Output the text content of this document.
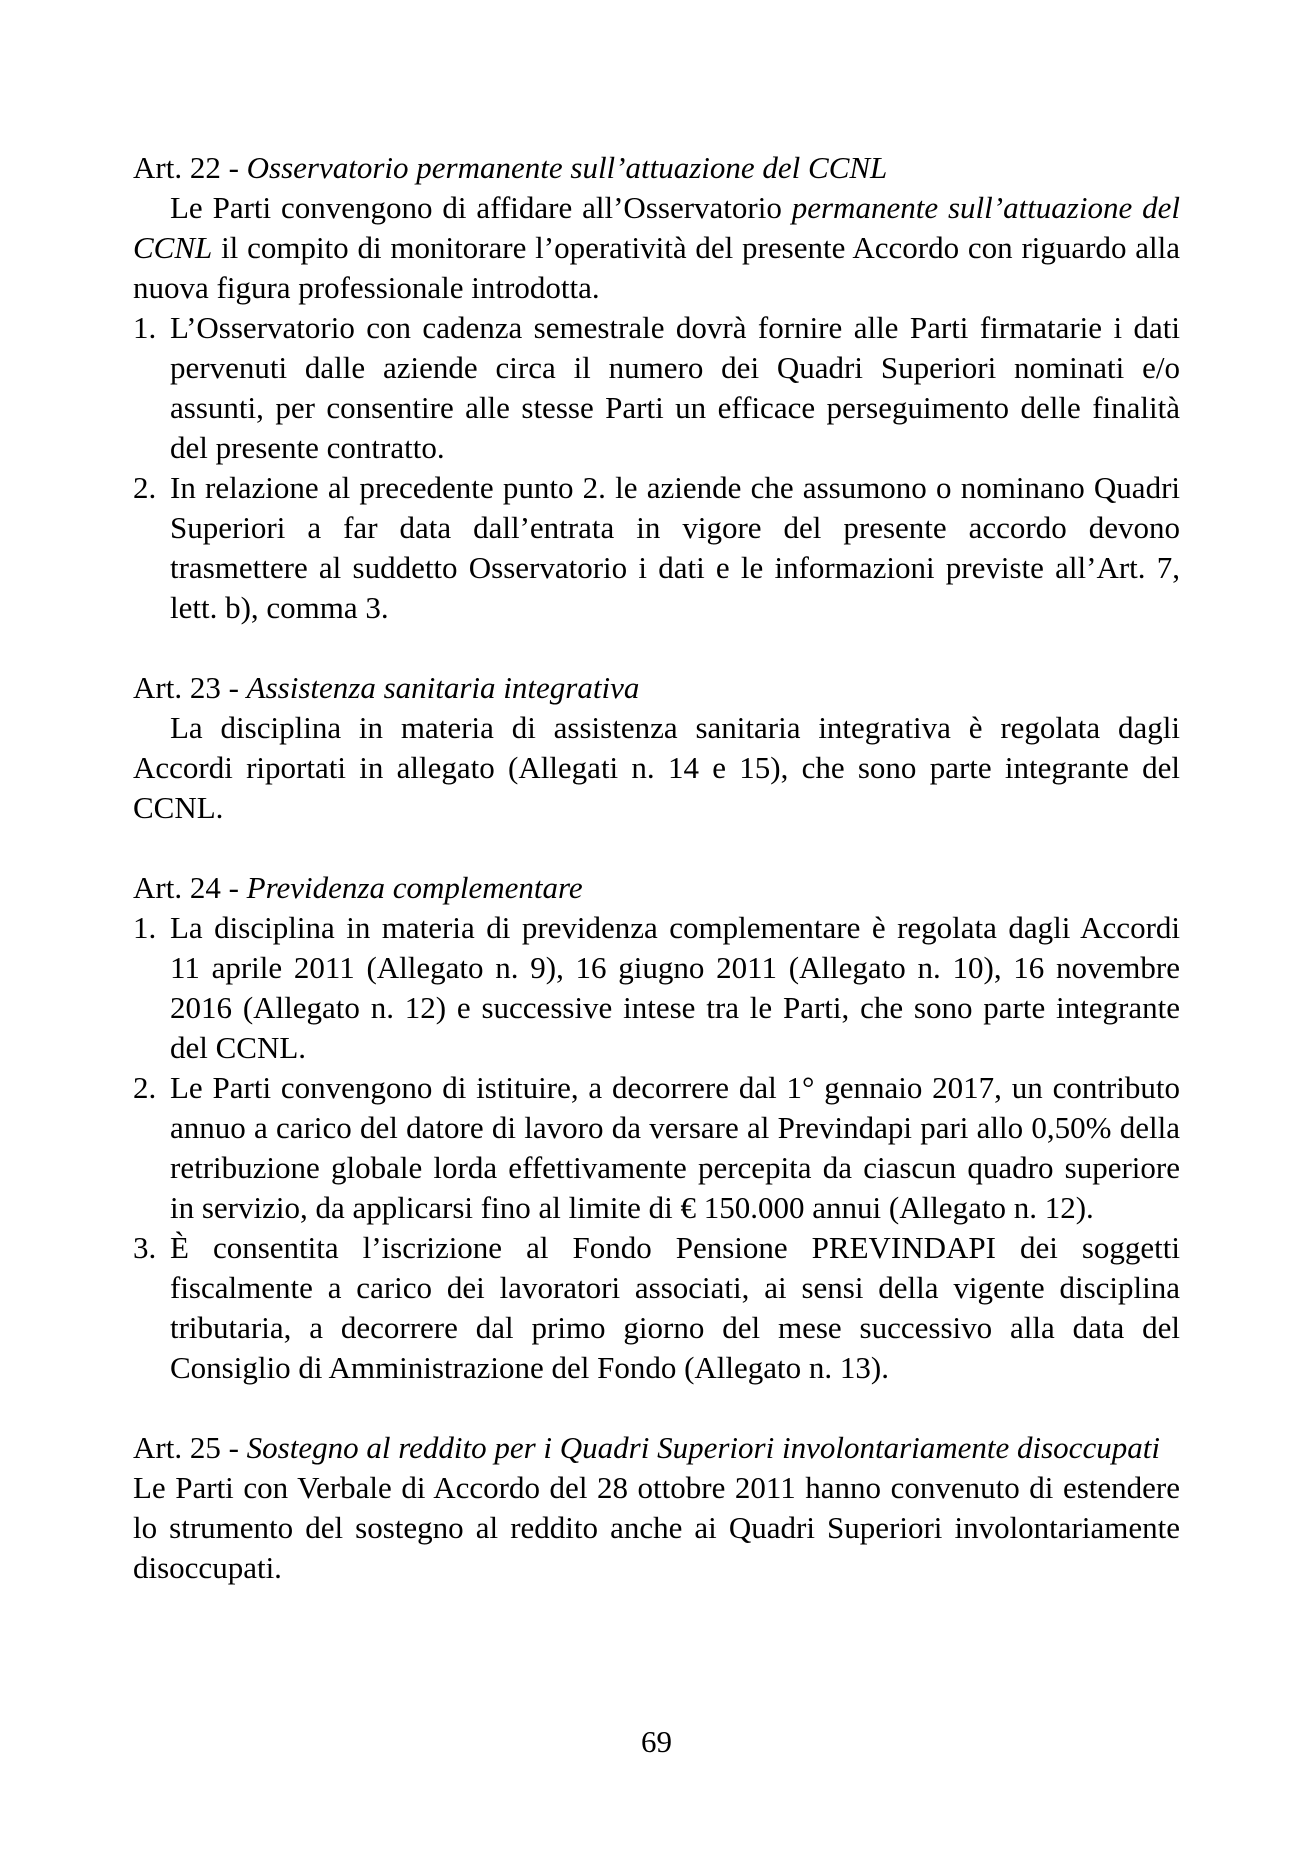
Art. 22 - Osservatorio permanente sull’attuazione del CCNL
Le Parti convengono di affidare all’Osservatorio permanente sull’attuazione del CCNL il compito di monitorare l’operatività del presente Accordo con riguardo alla nuova figura professionale introdotta.
1. L’Osservatorio con cadenza semestrale dovrà fornire alle Parti firmatarie i dati pervenuti dalle aziende circa il numero dei Quadri Superiori nominati e/o assunti, per consentire alle stesse Parti un efficace perseguimento delle finalità del presente contratto.
2. In relazione al precedente punto 2. le aziende che assumono o nominano Quadri Superiori a far data dall’entrata in vigore del presente accordo devono trasmettere al suddetto Osservatorio i dati e le informazioni previste all’Art. 7, lett. b), comma 3.
Art. 23 - Assistenza sanitaria integrativa
La disciplina in materia di assistenza sanitaria integrativa è regolata dagli Accordi riportati in allegato (Allegati n. 14 e 15), che sono parte integrante del CCNL.
Art. 24 - Previdenza complementare
1. La disciplina in materia di previdenza complementare è regolata dagli Accordi 11 aprile 2011 (Allegato n. 9), 16 giugno 2011 (Allegato n. 10), 16 novembre 2016 (Allegato n. 12) e successive intese tra le Parti, che sono parte integrante del CCNL.
2. Le Parti convengono di istituire, a decorrere dal 1° gennaio 2017, un contributo annuo a carico del datore di lavoro da versare al Previndapi pari allo 0,50% della retribuzione globale lorda effettivamente percepita da ciascun quadro superiore in servizio, da applicarsi fino al limite di € 150.000 annui (Allegato n. 12).
3. È consentita l’iscrizione al Fondo Pensione PREVINDAPI dei soggetti fiscalmente a carico dei lavoratori associati, ai sensi della vigente disciplina tributaria, a decorrere dal primo giorno del mese successivo alla data del Consiglio di Amministrazione del Fondo (Allegato n. 13).
Art. 25 - Sostegno al reddito per i Quadri Superiori involontariamente disoccupati
Le Parti con Verbale di Accordo del 28 ottobre 2011 hanno convenuto di estendere lo strumento del sostegno al reddito anche ai Quadri Superiori involontariamente disoccupati.
69
